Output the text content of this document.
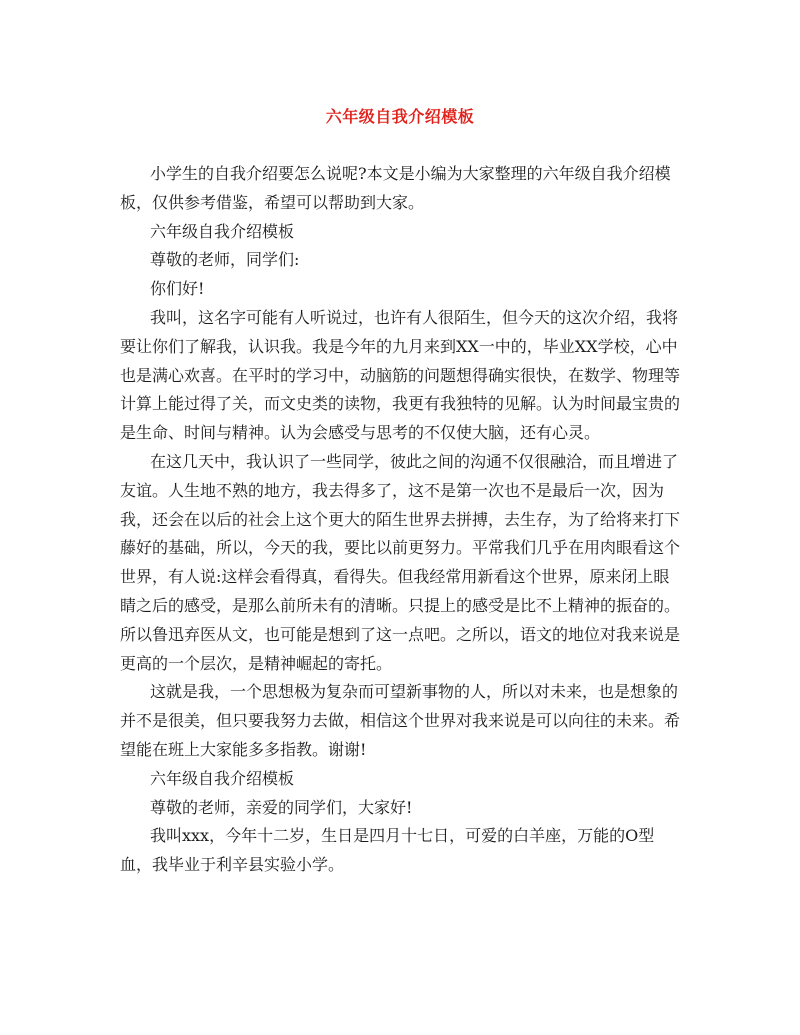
六年级自我介绍模板

小学生的自我介绍要怎么说呢?本文是小编为大家整理的六年级自我介绍模板，仅供参考借鉴，希望可以帮助到大家。

六年级自我介绍模板

尊敬的老师，同学们:

你们好!

我叫，这名字可能有人听说过，也许有人很陌生，但今天的这次介绍，我将要让你们了解我，认识我。我是今年的九月来到XX一中的，毕业XX学校，心中也是满心欢喜。在平时的学习中，动脑筋的问题想得确实很快，在数学、物理等计算上能过得了关，而文史类的读物，我更有我独特的见解。认为时间最宝贵的是生命、时间与精神。认为会感受与思考的不仅使大脑，还有心灵。

在这几天中，我认识了一些同学，彼此之间的沟通不仅很融洽，而且增进了友谊。人生地不熟的地方，我去得多了，这不是第一次也不是最后一次，因为我，还会在以后的社会上这个更大的陌生世界去拼搏，去生存，为了给将来打下藤好的基础，所以，今天的我，要比以前更努力。平常我们几乎在用肉眼看这个世界，有人说:这样会看得真，看得失。但我经常用新看这个世界，原来闭上眼睛之后的感受，是那么前所未有的清晰。只提上的感受是比不上精神的振奋的。所以鲁迅弃医从文，也可能是想到了这一点吧。之所以，语文的地位对我来说是更高的一个层次，是精神崛起的寄托。

这就是我，一个思想极为复杂而可望新事物的人，所以对未来，也是想象的并不是很美，但只要我努力去做，相信这个世界对我来说是可以向往的未来。希望能在班上大家能多多指教。谢谢!

六年级自我介绍模板

尊敬的老师，亲爱的同学们，大家好!

我叫xxx，今年十二岁，生日是四月十七日，可爱的白羊座，万能的O型血，我毕业于利辛县实验小学。
